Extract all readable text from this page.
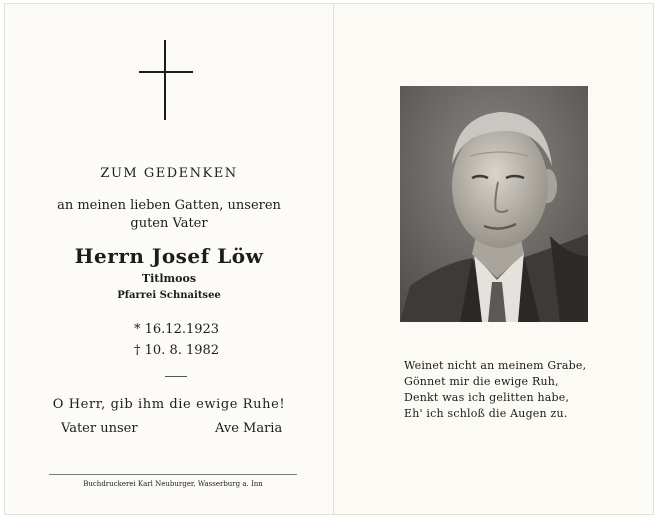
ZUM GEDENKEN
an meinen lieben Gatten, unseren
guten Vater
Herrn Josef Löw
Titlmoos
Pfarrei Schnaitsee
* 16.12.1923
† 10. 8. 1982
O Herr, gib ihm die ewige Ruhe!
Vater unser	Ave Maria
Buchdruckerei Karl Neuburger, Wasserburg a. Inn
Weinet nicht an meinem Grabe,
Gönnet mir die ewige Ruh,
Denkt was ich gelitten habe,
Eh' ich schloß die Augen zu.
